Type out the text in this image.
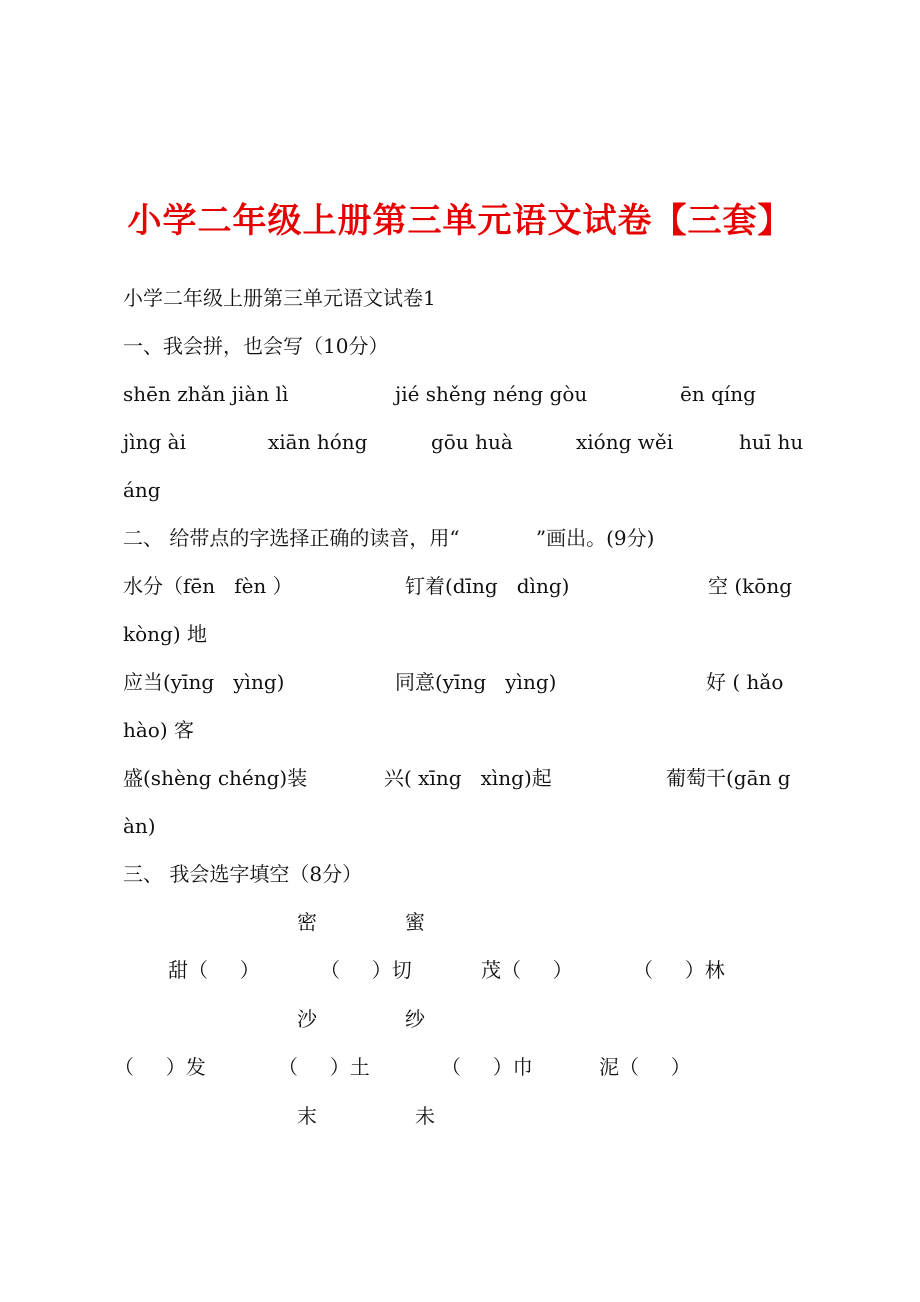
小学二年级上册第三单元语文试卷【三套】
小学二年级上册第三单元语文试卷1
一、我会拼，也会写（10分）
shēn zhǎn jiàn lì	jié shěng néng gòu	ēn qíng
jìng ài	xiān hóng	gōu huà	xióng wěi	huī hu
áng
二、 给带点的字选择正确的读音，用“            ”画出。(9分)
水分（fēn   fèn ）	钉着(dīng   dìng)	空 (kōng
kòng) 地
应当(yīng   yìng)	同意(yīng   yìng)	好 ( hǎo
hào) 客
盛(shèng chéng)装	兴( xīng   xìng)起	葡萄干(gān g
àn)
三、 我会选字填空（8分）
密	蜜
甜（     ）	（     ）切	茂（     ）	（     ）林
沙	纱
（     ）发	（     ）土	（     ）巾	泥（     ）
末	未
